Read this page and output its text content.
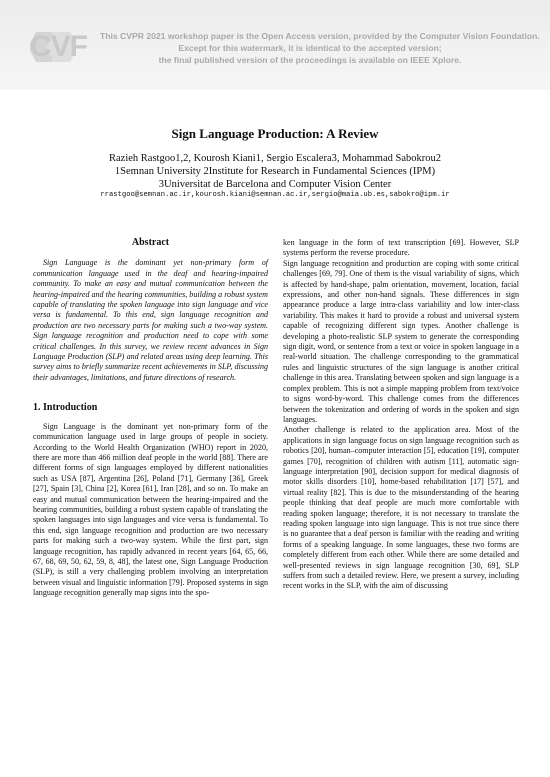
CVF This CVPR 2021 workshop paper is the Open Access version, provided by the Computer Vision Foundation.
Except for this watermark, it is identical to the accepted version;
the final published version of the proceedings is available on IEEE Xplore.
Sign Language Production: A Review
Razieh Rastgoo1,2, Kourosh Kiani1, Sergio Escalera3, Mohammad Sabokrou2
1Semnan University 2Institute for Research in Fundamental Sciences (IPM)
3Universitat de Barcelona and Computer Vision Center
rrastgoo@semnan.ac.ir,kourosh.kiani@semnan.ac.ir,sergio@maia.ub.es,sabokro@ipm.ir
Abstract

Sign Language is the dominant yet non-primary form of communication language used in the deaf and hearing-impaired community. To make an easy and mutual communication between the hearing-impaired and the hearing communities, building a robust system capable of translating the spoken language into sign language and vice versa is fundamental. To this end, sign language recognition and production are two necessary parts for making such a two-way system. Sign language recognition and production need to cope with some critical challenges. In this survey, we review recent advances in Sign Language Production (SLP) and related areas using deep learning. This survey aims to briefly summarize recent achievements in SLP, discussing their advantages, limitations, and future directions of research.

1. Introduction

Sign Language is the dominant yet non-primary form of the communication language used in large groups of people in society. According to the World Health Organization (WHO) report in 2020, there are more than 466 million deaf people in the world [88]. There are different forms of sign languages employed by different nationalities such as USA [87], Argentina [26], Poland [71], Germany [36], Greek [27], Spain [3], China [2], Korea [61], Iran [28], and so on. To make an easy and mutual communication between the hearing-impaired and the hearing communities, building a robust system capable of translating the spoken languages into sign languages and vice versa is fundamental. To this end, sign language recognition and production are two necessary parts for making such a two-way system. While the first part, sign language recognition, has rapidly advanced in recent years [64, 65, 66, 67, 68, 69, 50, 62, 59, 8, 48], the latest one, Sign Language Production (SLP), is still a very challenging problem involving an interpretation between visual and linguistic information [79]. Proposed systems in sign language recognition generally map signs into the spo-

ken language in the form of text transcription [69]. However, SLP systems perform the reverse procedure.

Sign language recognition and production are coping with some critical challenges [69, 79]. One of them is the visual variability of signs, which is affected by hand-shape, palm orientation, movement, location, facial expressions, and other non-hand signals. These differences in sign appearance produce a large intra-class variability and low inter-class variability. This makes it hard to provide a robust and universal system capable of recognizing different sign types. Another challenge is developing a photo-realistic SLP system to generate the corresponding sign digit, word, or sentence from a text or voice in spoken language in a real-world situation. The challenge corresponding to the grammatical rules and linguistic structures of the sign language is another critical challenge in this area. Translating between spoken and sign language is a complex problem. This is not a simple mapping problem from text/voice to signs word-by-word. This challenge comes from the differences between the tokenization and ordering of words in the spoken and sign languages.

Another challenge is related to the application area. Most of the applications in sign language focus on sign language recognition such as robotics [20], human–computer interaction [5], education [19], computer games [70], recognition of children with autism [11], automatic sign-language interpretation [90], decision support for medical diagnosis of motor skills disorders [10], home-based rehabilitation [17] [57], and virtual reality [82]. This is due to the misunderstanding of the hearing people thinking that deaf people are much more comfortable with reading spoken language; therefore, it is not necessary to translate the reading spoken language into sign language. This is not true since there is no guarantee that a deaf person is familiar with the reading and writing forms of a speaking language. In some languages, these two forms are completely different from each other. While there are some detailed and well-presented reviews in sign language recognition [30, 69], SLP suffers from such a detailed review. Here, we present a survey, including recent works in the SLP, with the aim of discussing
